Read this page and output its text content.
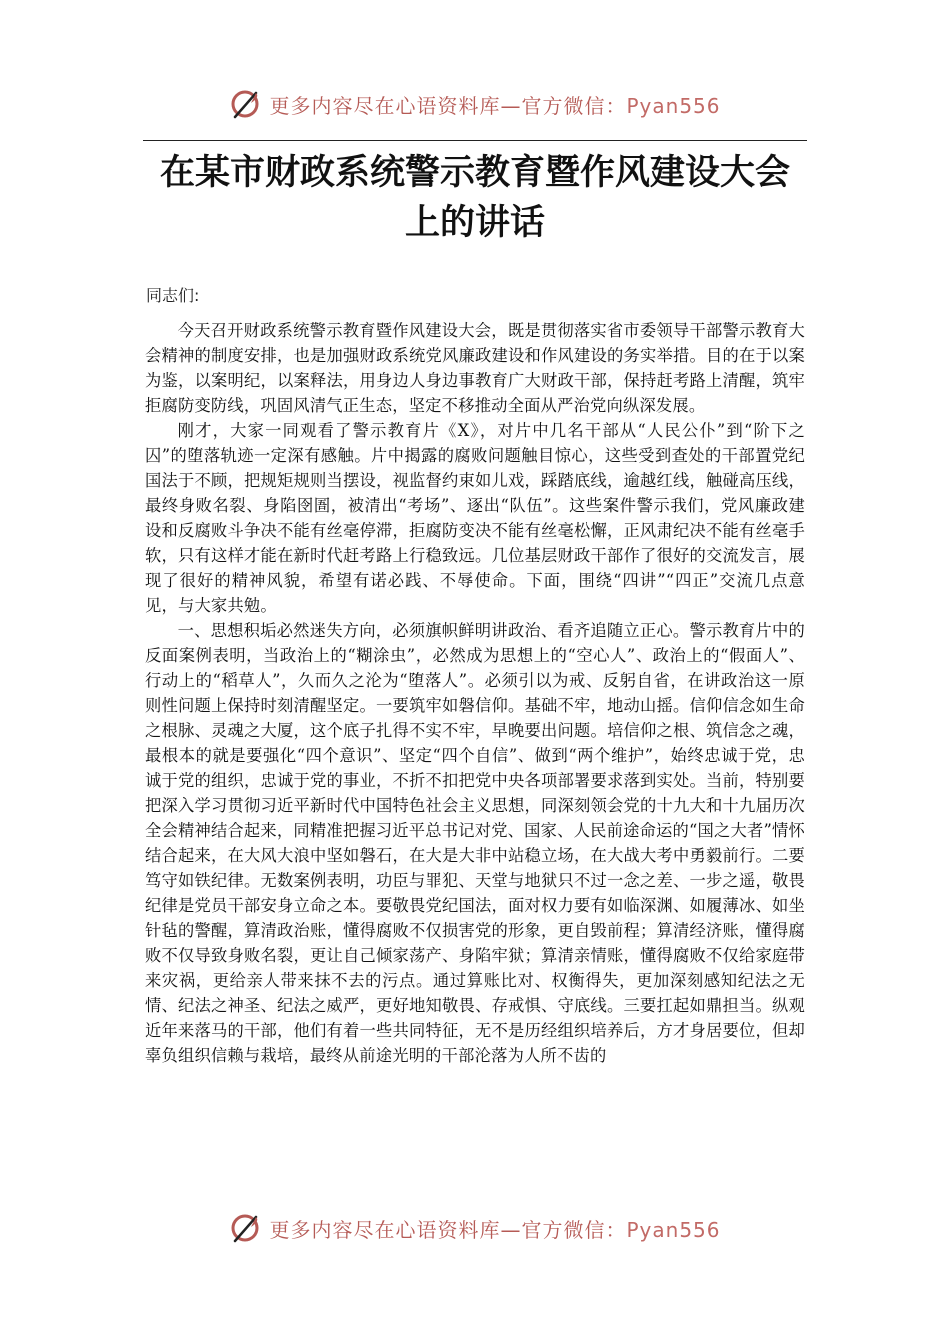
更多内容尽在心语资料库—官方微信：Pyan556
在某市财政系统警示教育暨作风建设大会上的讲话
同志们:

今天召开财政系统警示教育暨作风建设大会，既是贯彻落实省市委领导干部警示教育大会精神的制度安排，也是加强财政系统党风廉政建设和作风建设的务实举措。目的在于以案为鉴，以案明纪，以案释法，用身边人身边事教育广大财政干部，保持赶考路上清醒，筑牢拒腐防变防线，巩固风清气正生态，坚定不移推动全面从严治党向纵深发展。

刚才，大家一同观看了警示教育片《X》，对片中几名干部从“人民公仆”到“阶下之囚”的堕落轨迹一定深有感触。片中揭露的腐败问题触目惊心，这些受到查处的干部置党纪国法于不顾，把规矩规则当摆设，视监督约束如儿戏，踩踏底线，逾越红线，触碰高压线，最终身败名裂、身陷囹圄，被清出“考场”、逐出“队伍”。这些案件警示我们，党风廉政建设和反腐败斗争决不能有丝毫停滞，拒腐防变决不能有丝毫松懈，正风肃纪决不能有丝毫手软，只有这样才能在新时代赶考路上行稳致远。几位基层财政干部作了很好的交流发言，展现了很好的精神风貌，希望有诺必践、不辱使命。下面，围绕“四讲”“四正”交流几点意见，与大家共勉。

一、思想积垢必然迷失方向，必须旗帜鲜明讲政治、看齐追随立正心。警示教育片中的反面案例表明，当政治上的“糊涂虫”，必然成为思想上的“空心人”、政治上的“假面人”、行动上的“稻草人”，久而久之沦为“堕落人”。必须引以为戒、反躬自省，在讲政治这一原则性问题上保持时刻清醒坚定。一要筑牢如磐信仰。基础不牢，地动山摇。信仰信念如生命之根脉、灵魂之大厦，这个底子扎得不实不牢，早晚要出问题。培信仰之根、筑信念之魂，最根本的就是要强化“四个意识”、坚定“四个自信”、做到“两个维护”，始终忠诚于党，忠诚于党的组织，忠诚于党的事业，不折不扣把党中央各项部署要求落到实处。当前，特别要把深入学习贯彻习近平新时代中国特色社会主义思想，同深刻领会党的十九大和十九届历次全会精神结合起来，同精准把握习近平总书记对党、国家、人民前途命运的“国之大者”情怀结合起来，在大风大浪中坚如磐石，在大是大非中站稳立场，在大战大考中勇毅前行。二要笃守如铁纪律。无数案例表明，功臣与罪犯、天堂与地狱只不过一念之差、一步之遥，敬畏纪律是党员干部安身立命之本。要敬畏党纪国法，面对权力要有如临深渊、如履薄冰、如坐针毡的警醒，算清政治账，懂得腐败不仅损害党的形象，更自毁前程；算清经济账，懂得腐败不仅导致身败名裂，更让自己倾家荡产、身陷牢狱；算清亲情账，懂得腐败不仅给家庭带来灾祸，更给亲人带来抹不去的污点。通过算账比对、权衡得失，更加深刻感知纪法之无情、纪法之神圣、纪法之威严，更好地知敬畏、存戒惧、守底线。三要扛起如鼎担当。纵观近年来落马的干部，他们有着一些共同特征，无不是历经组织培养后，方才身居要位，但却辜负组织信赖与栽培，最终从前途光明的干部沦落为人所不齿的

更多内容尽在心语资料库—官方微信：Pyan556
